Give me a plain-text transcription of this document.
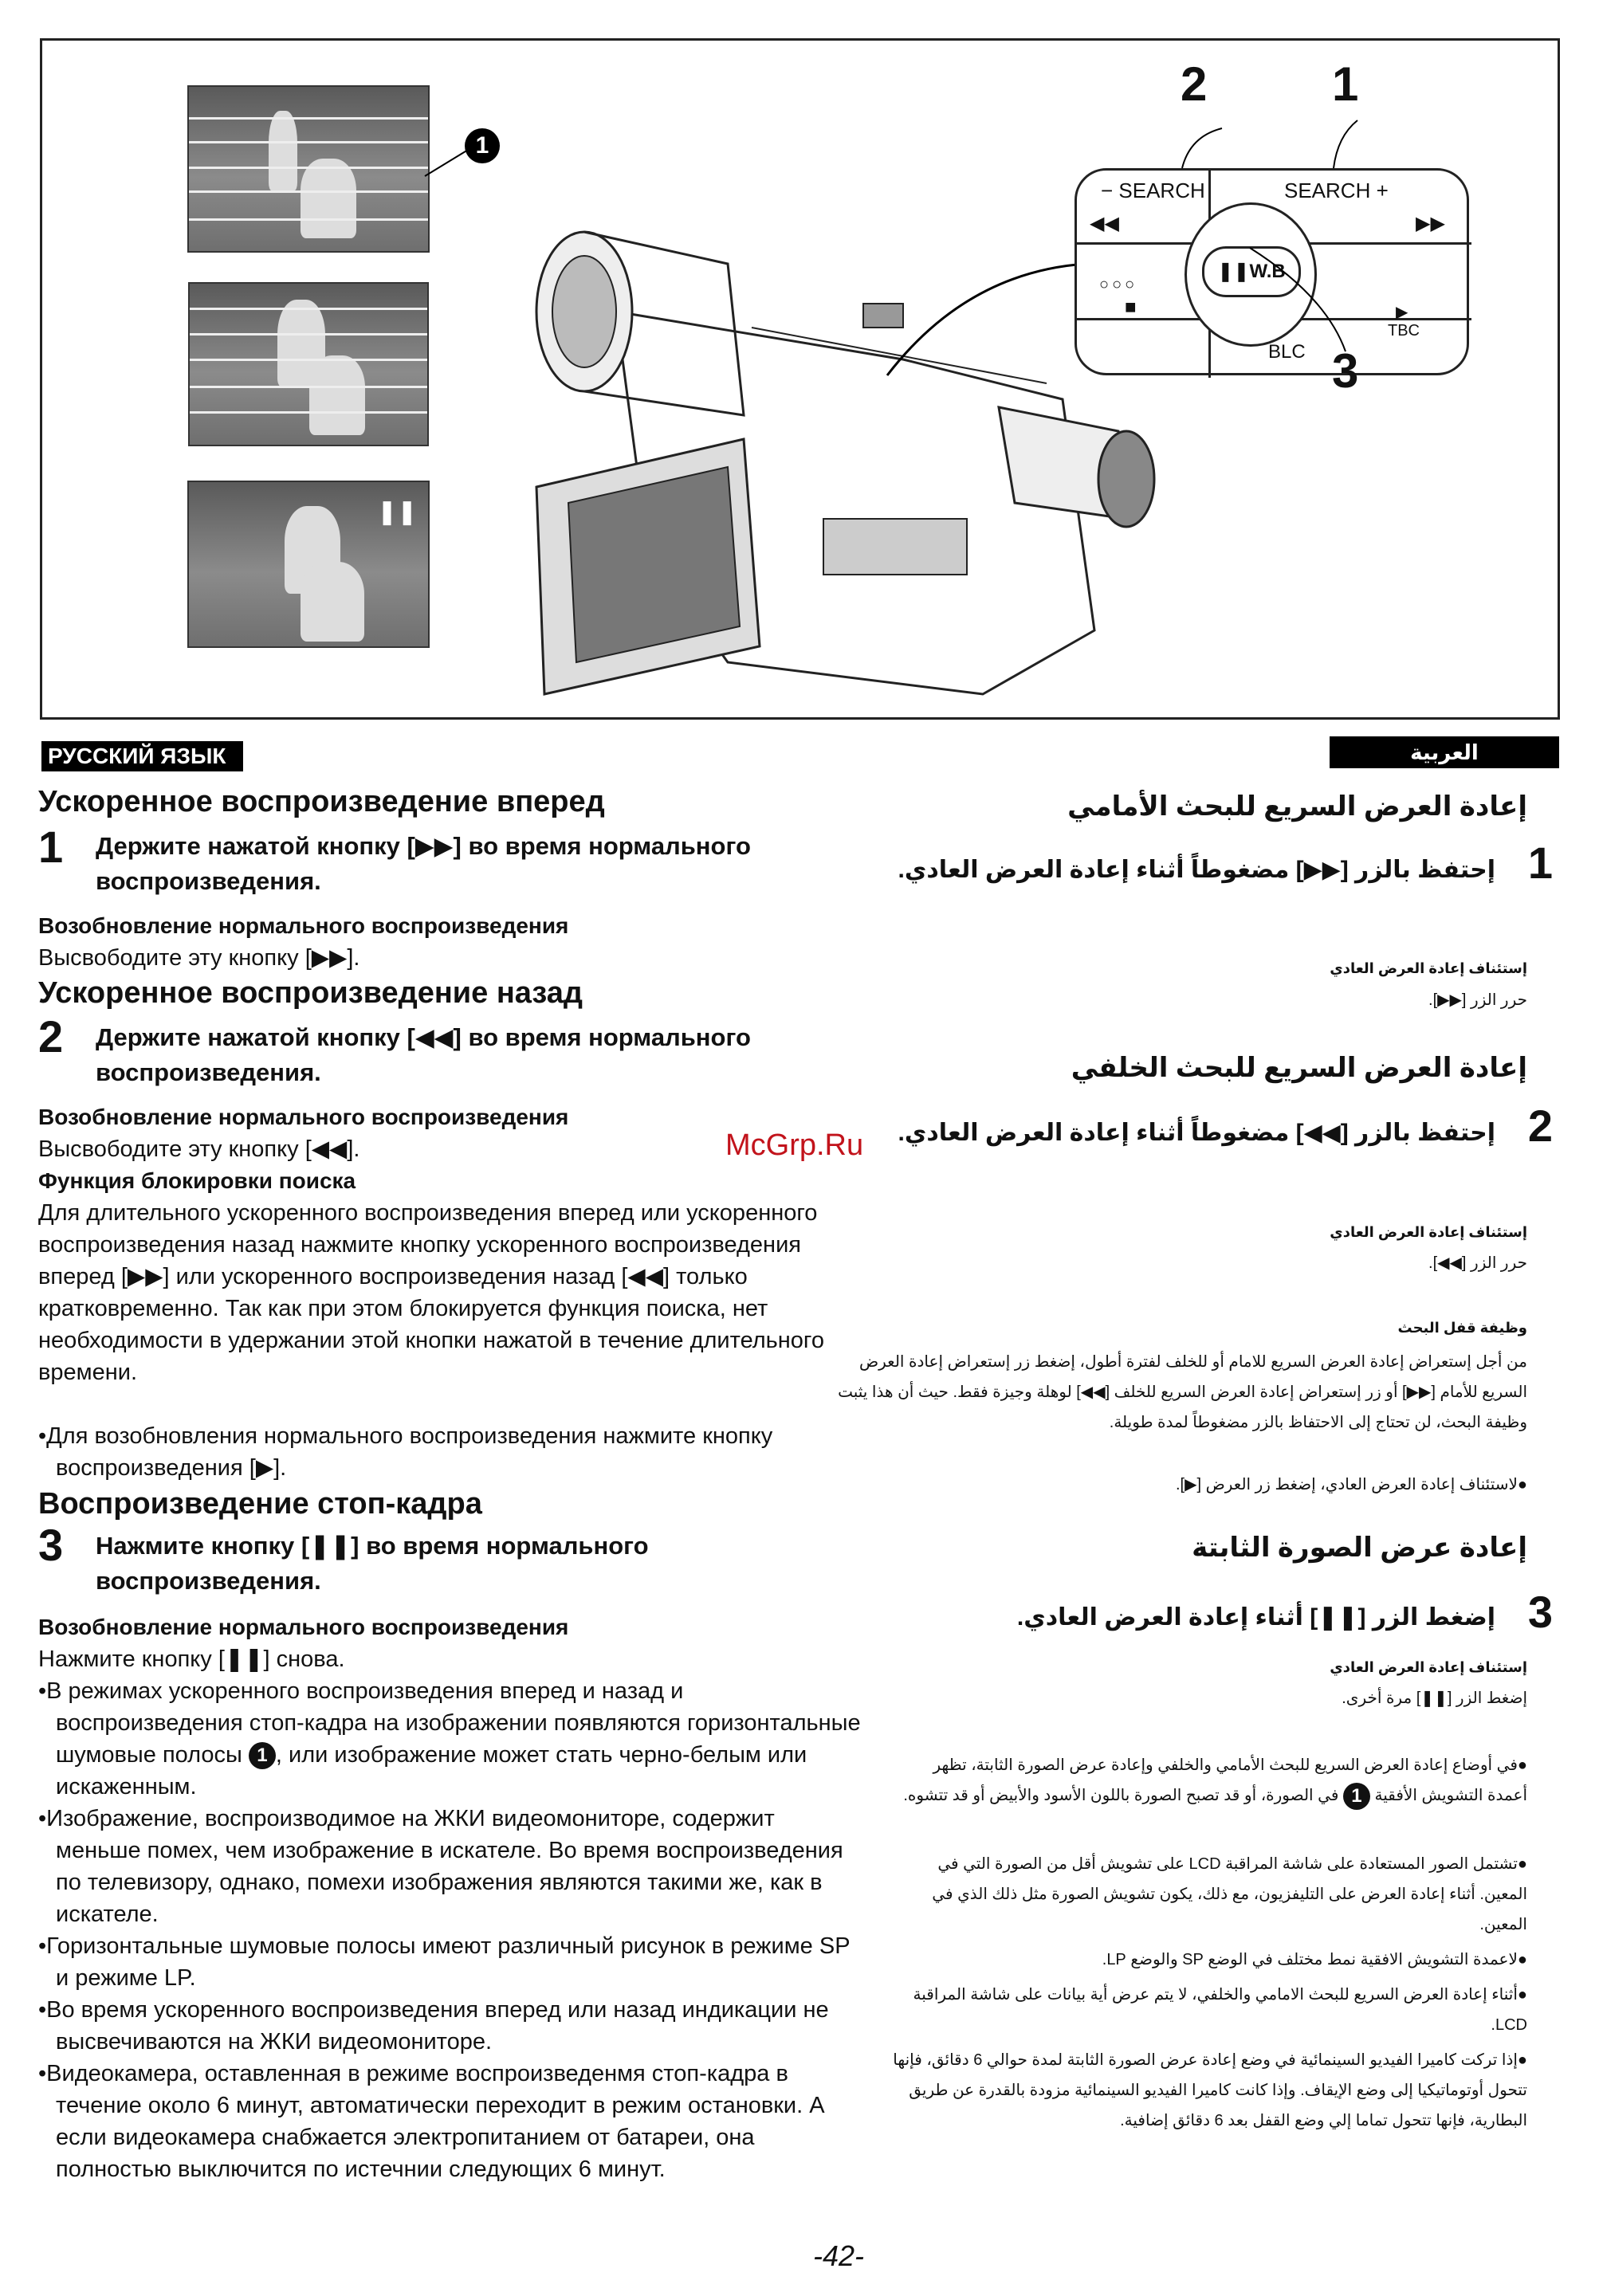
❚❚
1
− SEARCH	SEARCH +
◀◀	▶▶
❚❚W.B
○○○
■
BLC
▶
TBC
2	1
3
РУССКИЙ ЯЗЫК	العربية
Ускоренное воспроизведение вперед
1 Держите нажатой кнопку [▶▶] во время нормального воспроизведения.
Возобновление нормального воспроизведения
Высвободите эту кнопку [▶▶].
Ускоренное воспроизведение назад
2 Держите нажатой кнопку [◀◀] во время нормального воспроизведения.
Возобновление нормального воспроизведения
Высвободите эту кнопку [◀◀].
Функция блокировки поиска
Для длительного ускоренного воспроизведения вперед или ускоренного воспроизведения назад нажмите кнопку ускоренного воспроизведения вперед [▶▶] или ускоренного воспроизведения назад [◀◀] только кратковременно. Так как при этом блокируется функция поиска, нет необходимости в удержании этой кнопки нажатой в течение длительного времени.
•Для возобновления нормального воспроизведения нажмите кнопку воспроизведения [▶].
Воспроизведение стоп-кадра
3 Нажмите кнопку [❚❚] во время нормального воспроизведения.
Возобновление нормального воспроизведения
Нажмите кнопку [❚❚] снова.
•В режимах ускоренного воспроизведения вперед и назад и воспроизведения стоп-кадра на изображении появляются горизонтальные шумовые полосы 1 , или изображение может стать черно-белым или искаженным.
•Изображение, воспроизводимое на ЖКИ видеомониторе, содержит меньше помех, чем изображение в искателе. Во время воспроизведения по телевизору, однако, помехи изображения являются такими же, как в искателе.
•Горизонтальные шумовые полосы имеют различный рисунок в режиме SP и режиме LP.
•Во время ускоренного воспроизведения вперед или назад индикации не высвечиваются на ЖКИ видеомониторе.
•Видеокамера, оставленная в режиме воспроизведенмя стоп-кадра в течение около 6 минут, автоматически переходит в режим остановки. А если видеокамера снабжается электропитанием от батареи, она полностью выключится по истечнии следующих 6 минут.
McGrp.Ru
إعادة العرض السريع للبحث الأمامي
1
إحتفظ بالزر [▶▶] مضغوطاً أثناء إعادة العرض العادي.
إستئناف إعادة العرض العادي
حرر الزر [▶▶].
إعادة العرض السريع للبحث الخلفي
2
إحتفظ بالزر [◀◀] مضغوطاً أثناء إعادة العرض العادي.
إستئناف إعادة العرض العادي
حرر الزر [◀◀].
وظيفة قفل البحث
من أجل إستعراض إعادة العرض السريع للامام أو للخلف لفترة أطول، إضغط زر إستعراض إعادة العرض السريع للأمام [▶▶] أو زر إستعراض إعادة العرض السريع للخلف [◀◀] لوهلة وجيزة فقط. حيث أن هذا يثبت وظيفة البحث، لن تحتاج إلى الاحتفاظ بالزر مضغوطاً لمدة طويلة.
●لاستئناف إعادة العرض العادي، إضغط زر العرض [▶].
إعادة عرض الصورة الثابتة
3
إضغط الزر [❚❚] أثناء إعادة العرض العادي.
إستئناف إعادة العرض العادي
إضغط الزر [❚❚] مرة أخرى.
●في أوضاع إعادة العرض السريع للبحث الأمامي والخلفي وإعادة عرض الصورة الثابتة، تظهر أعمدة التشويش الأفقية 1 في الصورة، أو قد تصبح الصورة باللون الأسود والأبيض أو قد تتشوه.
●تشتمل الصور المستعادة على شاشة المراقبة LCD على تشويش أقل من الصورة التي في المعين. أثناء إعادة العرض على التليفزيون، مع ذلك، يكون تشويش الصورة مثل ذلك الذي في المعين.
●لاعمدة التشويش الافقية نمط مختلف في الوضع SP والوضع LP.
●أثناء إعادة العرض السريع للبحث الامامي والخلفي، لا يتم عرض أية بيانات على شاشة المراقبة LCD.
●إذا تركت كاميرا الفيديو السينمائية في وضع إعادة عرض الصورة الثابتة لمدة حوالي 6 دقائق، فإنها تتحول أوتوماتيكيا إلى وضع الإيقاف. وإذا كانت كاميرا الفيديو السينمائية مزودة بالقدرة عن طريق البطارية، فإنها تتحول تماما إلي وضع القفل بعد 6 دقائق إضافية.
-42-
